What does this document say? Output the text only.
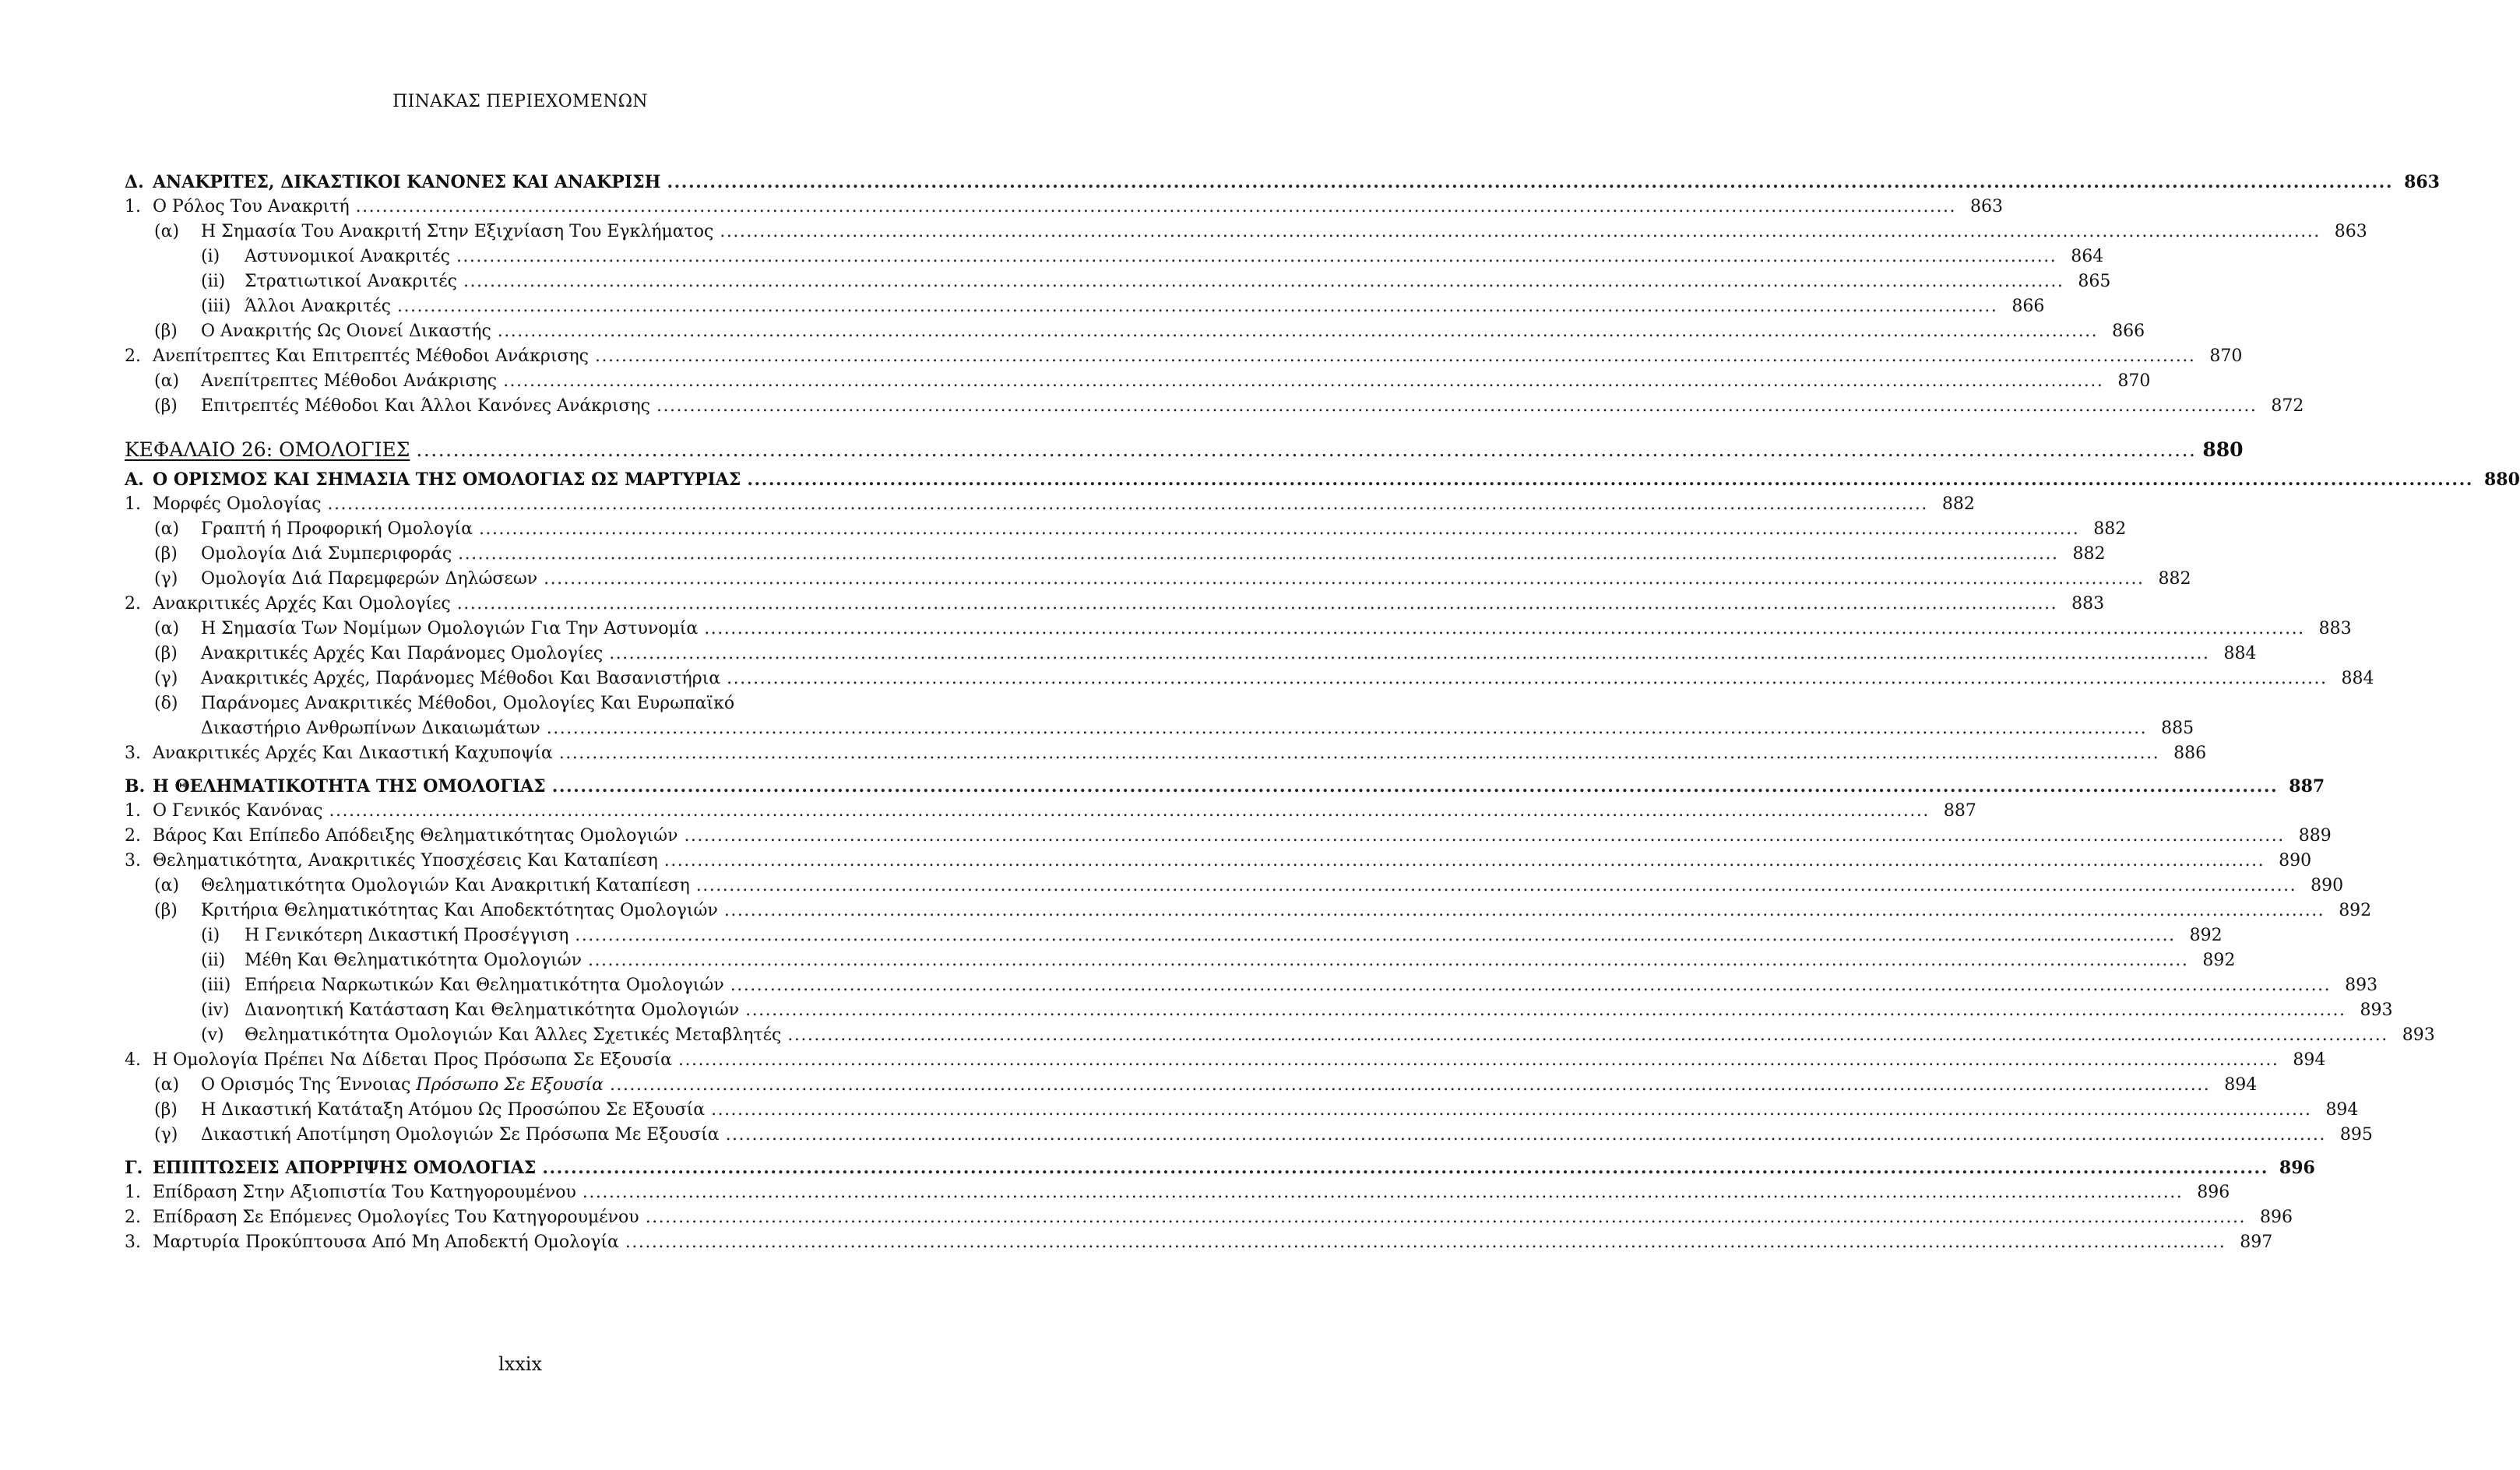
ΠΙΝΑΚΑΣ ΠΕΡΙΕΧΟΜΕΝΩΝ
Δ. ΑΝΑΚΡΙΤΕΣ, ΔΙΚΑΣΤΙΚΟΙ ΚΑΝΟΝΕΣ ΚΑΙ ΑΝΑΚΡΙΣΗ .....	863
1. Ο Ρόλος Του Ανακριτή .....	863
(α)	Η Σημασία Του Ανακριτή Στην Εξιχνίαση Του Εγκλήματος .....	863
(i)	Αστυνομικοί Ανακριτές .....	864
(ii)	Στρατιωτικοί Ανακριτές .....	865
(iii) Άλλοι Ανακριτές .....	866
(β)	Ο Ανακριτής Ως Οιονεί Δικαστής .....	866
2. Ανεπίτρεπτες Και Επιτρεπτές Μέθοδοι Ανάκρισης .....	870
(α)	Ανεπίτρεπτες Μέθοδοι Ανάκρισης .....	870
(β)	Επιτρεπτές Μέθοδοι Και Άλλοι Κανόνες Ανάκρισης .....	872
ΚΕΦΑΛΑΙΟ 26: ΟΜΟΛΟΓΙΕΣ .....	880
Α. Ο ΟΡΙΣΜΟΣ ΚΑΙ ΣΗΜΑΣΙΑ ΤΗΣ ΟΜΟΛΟΓΙΑΣ ΩΣ ΜΑΡΤΥΡΙΑΣ .....	880
1. Μορφές Ομολογίας .....	882
(α)	Γραπτή ή Προφορική Ομολογία .....	882
(β)	Ομολογία Διά Συμπεριφοράς .....	882
(γ)	Ομολογία Διά Παρεμφερών Δηλώσεων .....	882
2. Ανακριτικές Αρχές Και Ομολογίες .....	883
(α)	Η Σημασία Των Νομίμων Ομολογιών Για Την Αστυνομία .....	883
(β)	Ανακριτικές Αρχές Και Παράνομες Ομολογίες .....	884
(γ)	Ανακριτικές Αρχές, Παράνομες Μέθοδοι Και Βασανιστήρια .....	884
(δ)	Παράνομες Ανακριτικές Μέθοδοι, Ομολογίες Και Ευρωπαϊκό
Δικαστήριο Ανθρωπίνων Δικαιωμάτων .....	885
3. Ανακριτικές Αρχές Και Δικαστική Καχυποψία .....	886
Β. Η ΘΕΛΗΜΑΤΙΚΟΤΗΤΑ ΤΗΣ ΟΜΟΛΟΓΙΑΣ .....	887
1. Ο Γενικός Κανόνας .....	887
2. Βάρος Και Επίπεδο Απόδειξης Θεληματικότητας Ομολογιών .....	889
3. Θεληματικότητα, Ανακριτικές Υποσχέσεις Και Καταπίεση .....	890
(α)	Θεληματικότητα Ομολογιών Και Ανακριτική Καταπίεση .....	890
(β)	Κριτήρια Θεληματικότητας Και Αποδεκτότητας Ομολογιών .....	892
(i)	Η Γενικότερη Δικαστική Προσέγγιση .....	892
(ii)	Μέθη Και Θεληματικότητα Ομολογιών .....	892
(iii) Επήρεια Ναρκωτικών Και Θεληματικότητα Ομολογιών .....	893
(iv) Διανοητική Κατάσταση Και Θεληματικότητα Ομολογιών .....	893
(v)	Θεληματικότητα Ομολογιών Και Άλλες Σχετικές Μεταβλητές .....	893
4. Η Ομολογία Πρέπει Να Δίδεται Προς Πρόσωπα Σε Εξουσία .....	894
(α)	Ο Ορισμός Της Έννοιας Πρόσωπο Σε Εξουσία .....	894
(β)	Η Δικαστική Κατάταξη Ατόμου Ως Προσώπου Σε Εξουσία .....	894
(γ)	Δικαστική Αποτίμηση Ομολογιών Σε Πρόσωπα Με Εξουσία .....	895
Γ. ΕΠΙΠΤΩΣΕΙΣ ΑΠΟΡΡΙΨΗΣ ΟΜΟΛΟΓΙΑΣ .....	896
1. Επίδραση Στην Αξιοπιστία Του Κατηγορουμένου .....	896
2. Επίδραση Σε Επόμενες Ομολογίες Του Κατηγορουμένου .....	896
3. Μαρτυρία Προκύπτουσα Από Μη Αποδεκτή Ομολογία .....	897
lxxix
